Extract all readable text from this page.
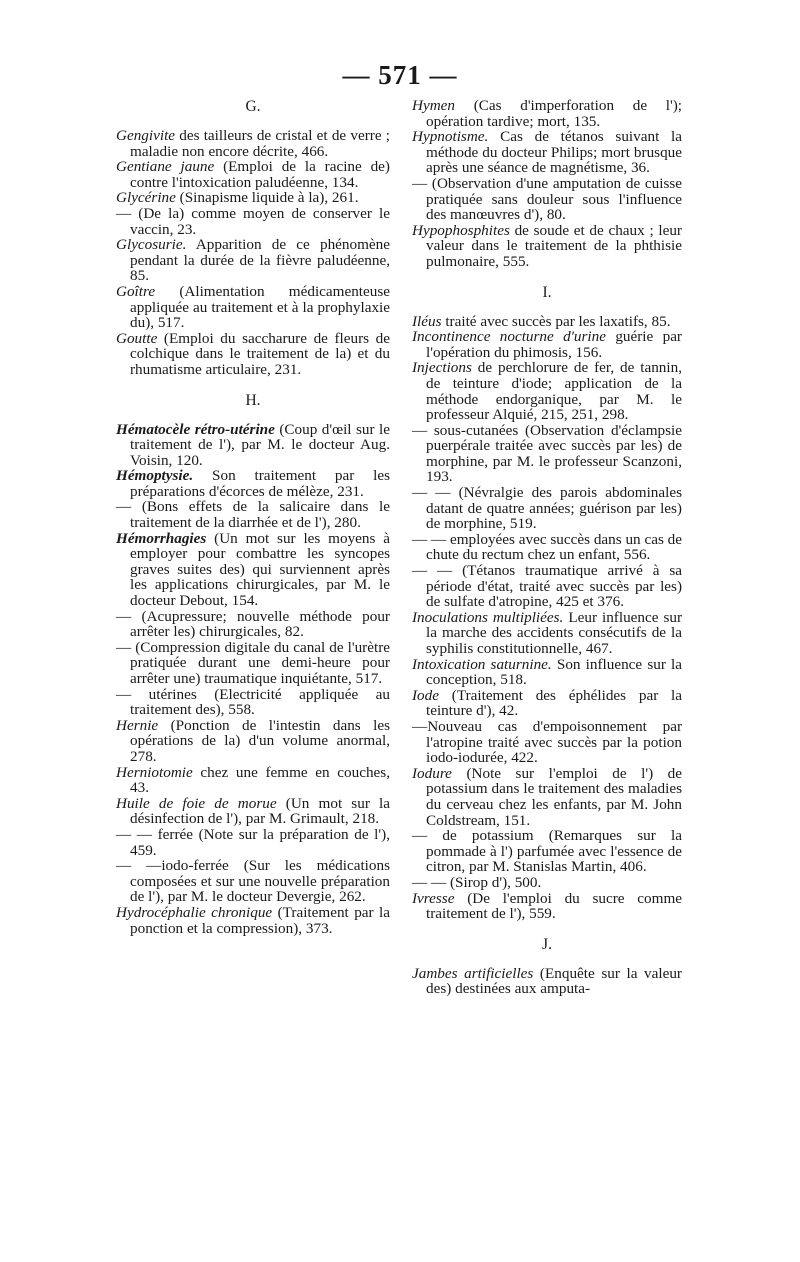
— 571 —
G.

Gengivite des tailleurs de cristal et de verre ; maladie non encore décrite, 466.

Gentiane jaune (Emploi de la racine de) contre l'intoxication paludéenne, 134.

Glycérine (Sinapisme liquide à la), 261.

— (De la) comme moyen de conserver le vaccin, 23.

Glycosurie. Apparition de ce phénomène pendant la durée de la fièvre paludéenne, 85.

Goître (Alimentation médicamenteuse appliquée au traitement et à la prophylaxie du), 517.

Goutte (Emploi du saccharure de fleurs de colchique dans le traitement de la) et du rhumatisme articulaire, 231.

H.

Hématocèle rétro-utérine (Coup d'œil sur le traitement de l'), par M. le docteur Aug. Voisin, 120.

Hémoptysie. Son traitement par les préparations d'écorces de mélèze, 231.

— (Bons effets de la salicaire dans le traitement de la diarrhée et de l'), 280.

Hémorrhagies (Un mot sur les moyens à employer pour combattre les syncopes graves suites des) qui surviennent après les applications chirurgicales, par M. le docteur Debout, 154.

— (Acupressure; nouvelle méthode pour arrêter les) chirurgicales, 82.

— (Compression digitale du canal de l'urètre pratiquée durant une demi-heure pour arrêter une) traumatique inquiétante, 517.

— utérines (Electricité appliquée au traitement des), 558.

Hernie (Ponction de l'intestin dans les opérations de la) d'un volume anormal, 278.

Herniotomie chez une femme en couches, 43.

Huile de foie de morue (Un mot sur la désinfection de l'), par M. Grimault, 218.

— — ferrée (Note sur la préparation de l'), 459.

— —iodo-ferrée (Sur les médications composées et sur une nouvelle préparation de l'), par M. le docteur Devergie, 262.

Hydrocéphalie chronique (Traitement par la ponction et la compression), 373.

Hymen (Cas d'imperforation de l'); opération tardive; mort, 135.

Hypnotisme. Cas de tétanos suivant la méthode du docteur Philips; mort brusque après une séance de magnétisme, 36.

— (Observation d'une amputation de cuisse pratiquée sans douleur sous l'influence des manœuvres d'), 80.

Hypophosphites de soude et de chaux ; leur valeur dans le traitement de la phthisie pulmonaire, 555.

I.

Iléus traité avec succès par les laxatifs, 85.

Incontinence nocturne d'urine guérie par l'opération du phimosis, 156.

Injections de perchlorure de fer, de tannin, de teinture d'iode; application de la méthode endorganique, par M. le professeur Alquié, 215, 251, 298.

— sous-cutanées (Observation d'éclampsie puerpérale traitée avec succès par les) de morphine, par M. le professeur Scanzoni, 193.

— — (Névralgie des parois abdominales datant de quatre années; guérison par les) de morphine, 519.

— — employées avec succès dans un cas de chute du rectum chez un enfant, 556.

— — (Tétanos traumatique arrivé à sa période d'état, traité avec succès par les) de sulfate d'atropine, 425 et 376.

Inoculations multipliées. Leur influence sur la marche des accidents consécutifs de la syphilis constitutionnelle, 467.

Intoxication saturnine. Son influence sur la conception, 518.

Iode (Traitement des éphélides par la teinture d'), 42.

—Nouveau cas d'empoisonnement par l'atropine traité avec succès par la potion iodo-iodurée, 422.

Iodure (Note sur l'emploi de l') de potassium dans le traitement des maladies du cerveau chez les enfants, par M. John Coldstream, 151.

— de potassium (Remarques sur la pommade à l') parfumée avec l'essence de citron, par M. Stanislas Martin, 406.

— — (Sirop d'), 500.

Ivresse (De l'emploi du sucre comme traitement de l'), 559.

J.

Jambes artificielles (Enquête sur la valeur des) destinées aux amputa-
